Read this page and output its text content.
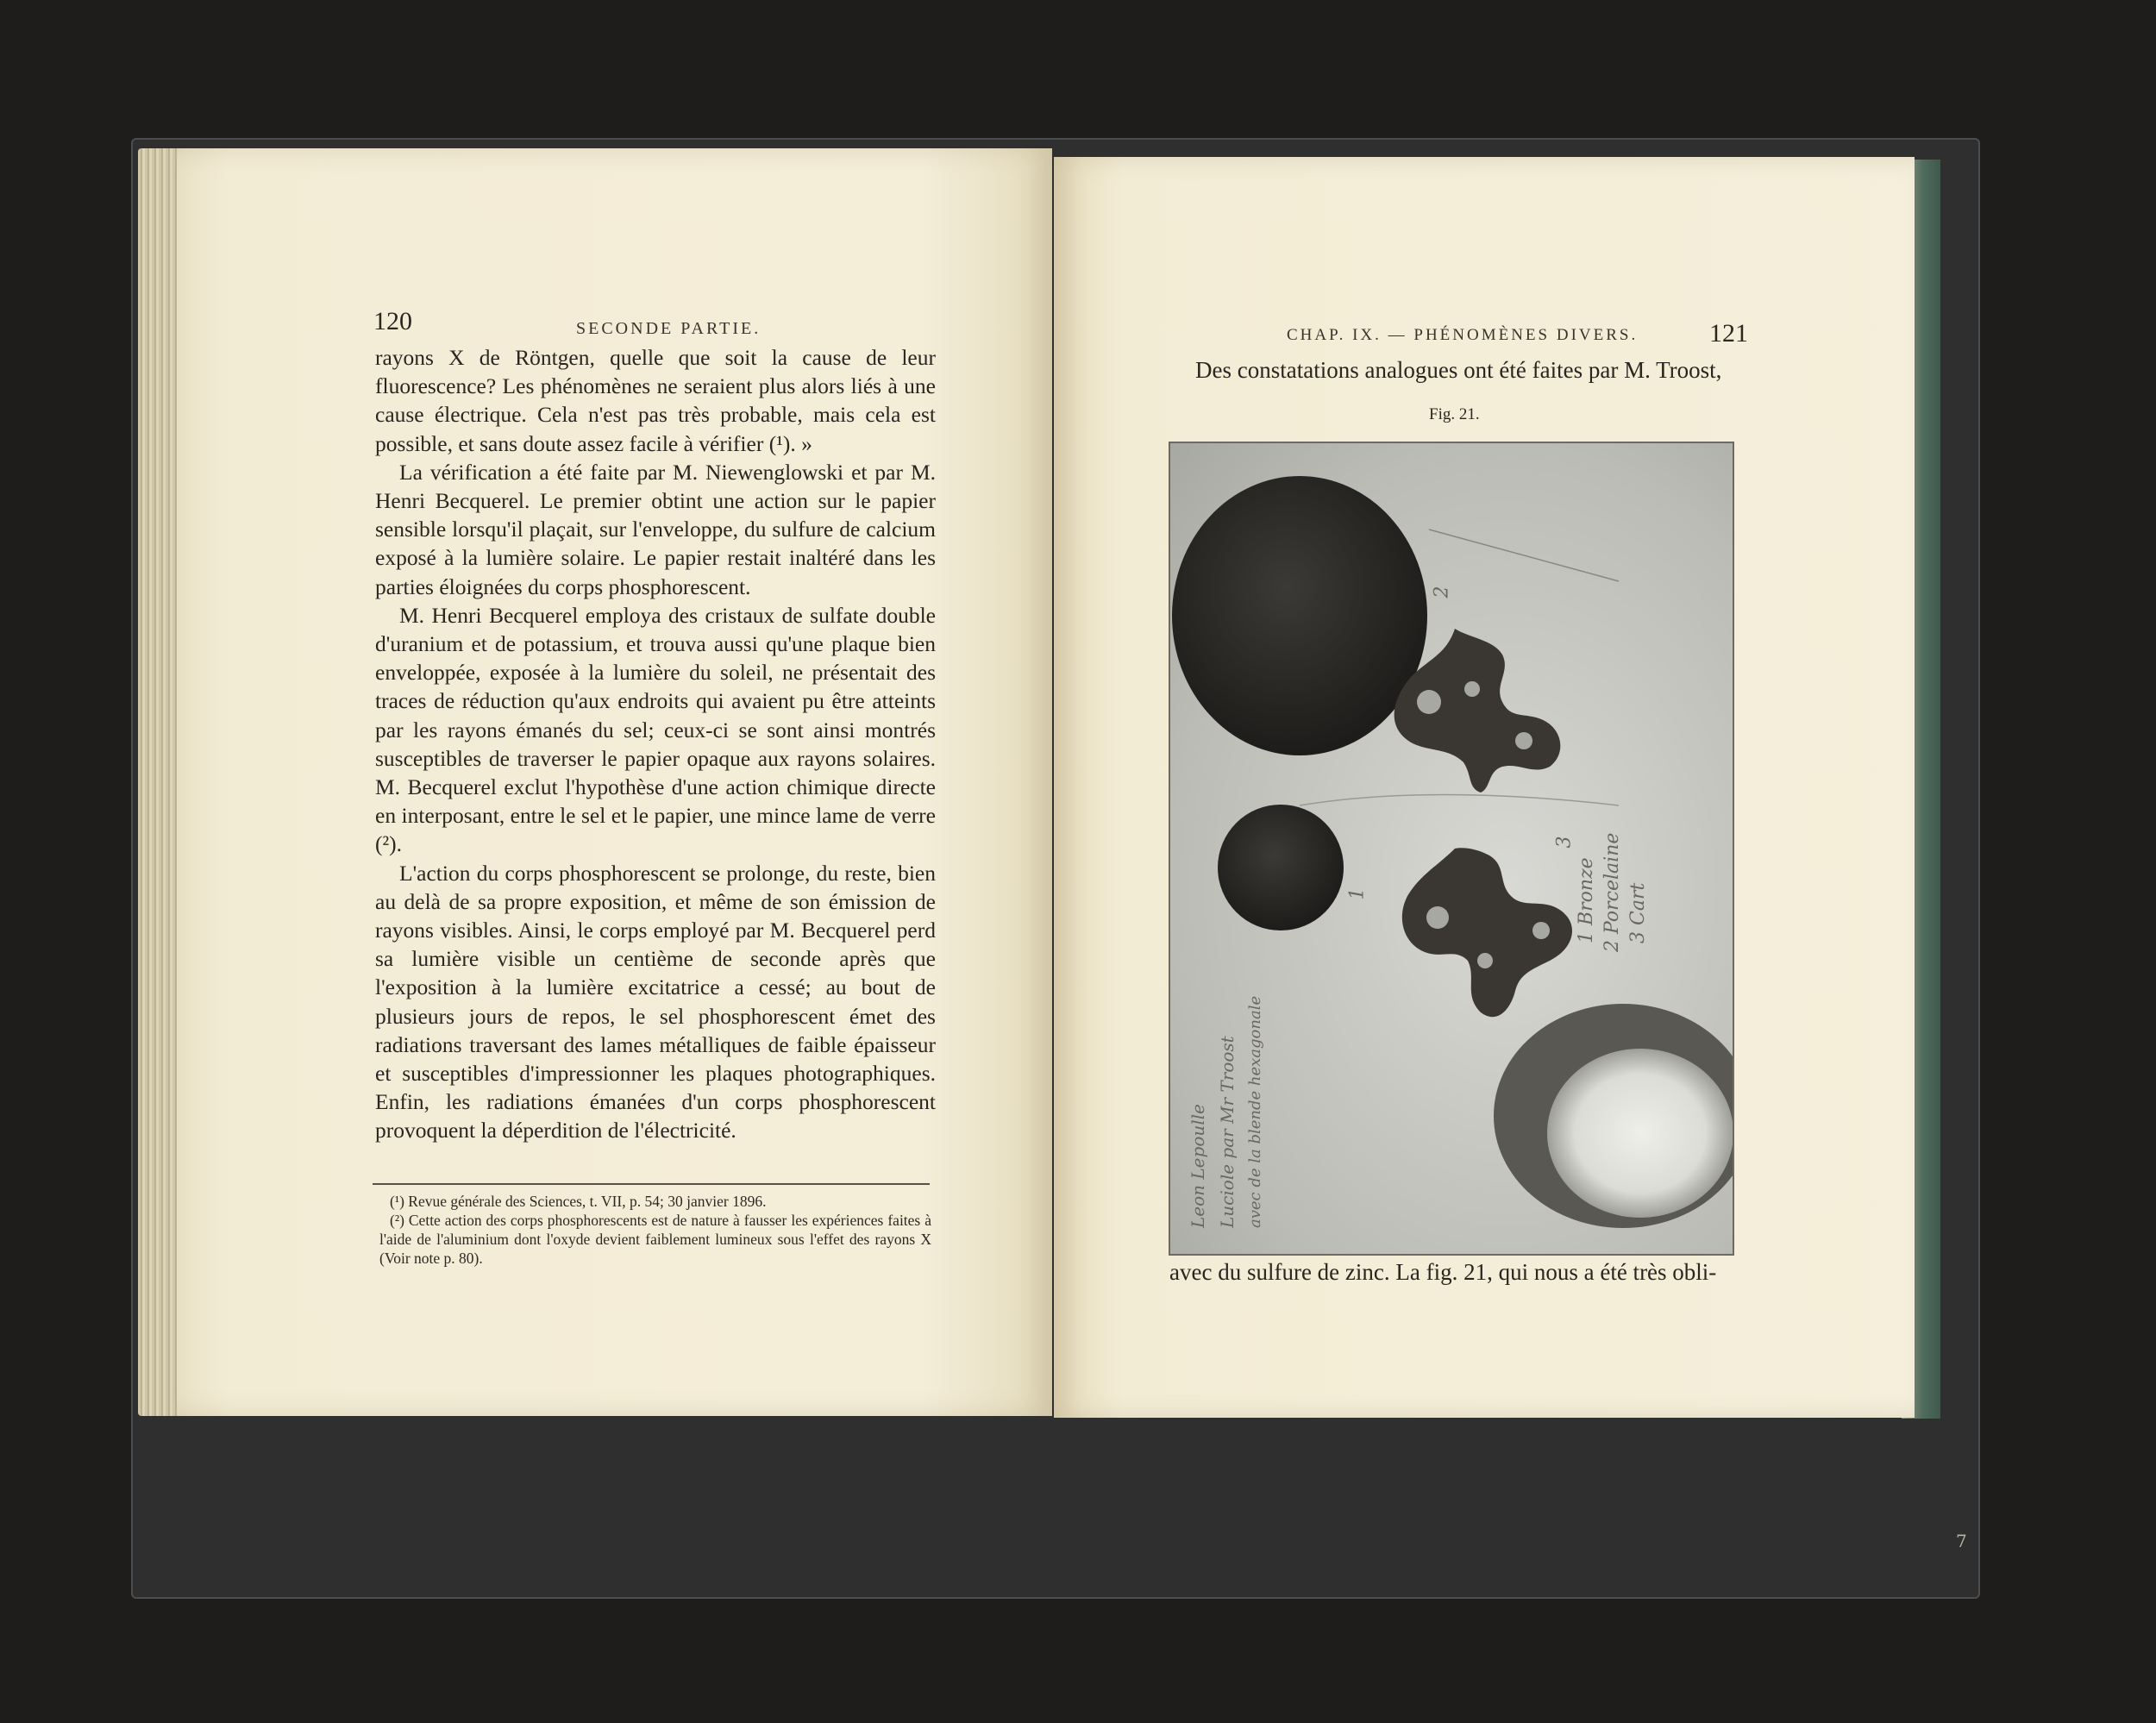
120	SECONDE PARTIE.

rayons X de Röntgen, quelle que soit la cause de leur fluorescence? Les phénomènes ne seraient plus alors liés à une cause électrique. Cela n'est pas très probable, mais cela est possible, et sans doute assez facile à vérifier (¹). »

La vérification a été faite par M. Niewenglowski et par M. Henri Becquerel. Le premier obtint une action sur le papier sensible lorsqu'il plaçait, sur l'enveloppe, du sulfure de calcium exposé à la lumière solaire. Le papier restait inaltéré dans les parties éloignées du corps phosphorescent.

M. Henri Becquerel employa des cristaux de sulfate double d'uranium et de potassium, et trouva aussi qu'une plaque bien enveloppée, exposée à la lumière du soleil, ne présentait des traces de réduction qu'aux endroits qui avaient pu être atteints par les rayons émanés du sel; ceux-ci se sont ainsi montrés susceptibles de traverser le papier opaque aux rayons solaires. M. Becquerel exclut l'hypothèse d'une action chimique directe en interposant, entre le sel et le papier, une mince lame de verre (²).

L'action du corps phosphorescent se prolonge, du reste, bien au delà de sa propre exposition, et même de son émission de rayons visibles. Ainsi, le corps employé par M. Becquerel perd sa lumière visible un centième de seconde après que l'exposition à la lumière excitatrice a cessé; au bout de plusieurs jours de repos, le sel phosphorescent émet des radiations traversant des lames métalliques de faible épaisseur et susceptibles d'impressionner les plaques photographiques. Enfin, les radiations émanées d'un corps phosphorescent provoquent la déperdition de l'électricité.

(¹) Revue générale des Sciences, t. VII, p. 54; 30 janvier 1896.

(²) Cette action des corps phosphorescents est de nature à fausser les expériences faites à l'aide de l'aluminium dont l'oxyde devient faiblement lumineux sous l'effet des rayons X (Voir note p. 80).

CHAP. IX. — PHÉNOMÈNES DIVERS.	121
Des constatations analogues ont été faites par M. Troost,
Fig. 21.
2
1
3
1 Bronze 2 Porcelaine 3 Cart
Leon Lepoulle Luciole par Mr Troost avec de la blende hexagonale
avec du sulfure de zinc. La fig. 21, qui nous a été très obli-
7
